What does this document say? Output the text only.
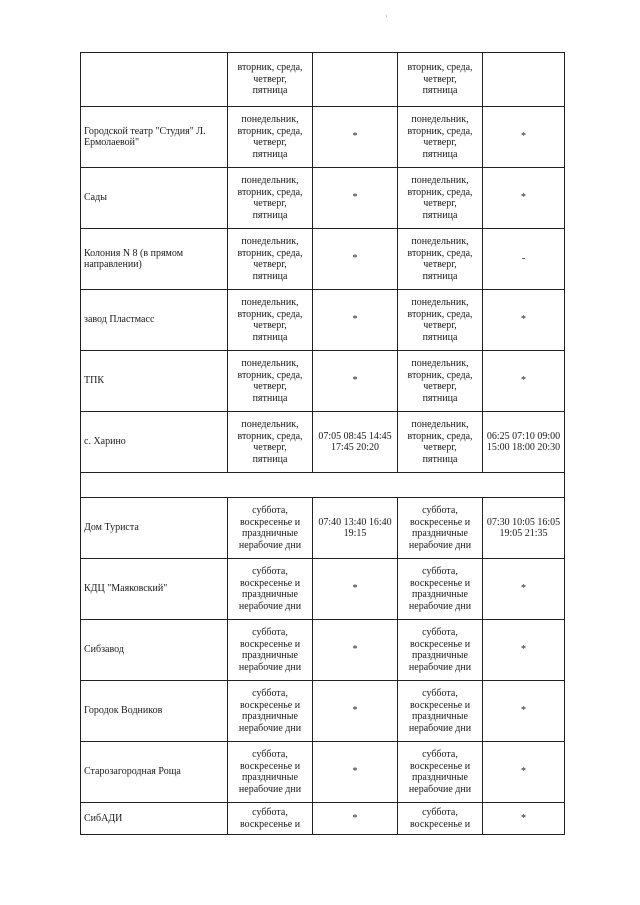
·
	вторник, среда,
четверг,
пятница		вторник, среда,
четверг,
пятница	
Городской театр "Студия" Л.
Ермолаевой"	понедельник,
вторник, среда,
четверг,
пятница	*	понедельник,
вторник, среда,
четверг,
пятница	*
Сады	понедельник,
вторник, среда,
четверг,
пятница	*	понедельник,
вторник, среда,
четверг,
пятница	*
Колония N 8 (в прямом
направлении)	понедельник,
вторник, среда,
четверг,
пятница	*	понедельник,
вторник, среда,
четверг,
пятница	-
завод Пластмасс	понедельник,
вторник, среда,
четверг,
пятница	*	понедельник,
вторник, среда,
четверг,
пятница	*
ТПК	понедельник,
вторник, среда,
четверг,
пятница	*	понедельник,
вторник, среда,
четверг,
пятница	*
с. Харино	понедельник,
вторник, среда,
четверг,
пятница	07:05 08:45 14:45
17:45 20:20	понедельник,
вторник, среда,
четверг,
пятница	06:25 07:10 09:00
15:00 18:00 20:30

Дом Туриста	суббота,
воскресенье и
праздничные
нерабочие дни	07:40 13:40 16:40
19:15	суббота,
воскресенье и
праздничные
нерабочие дни	07:30 10:05 16:05
19:05 21:35
КДЦ "Маяковский"	суббота,
воскресенье и
праздничные
нерабочие дни	*	суббота,
воскресенье и
праздничные
нерабочие дни	*
Сибзавод	суббота,
воскресенье и
праздничные
нерабочие дни	*	суббота,
воскресенье и
праздничные
нерабочие дни	*
Городок Водников	суббота,
воскресенье и
праздничные
нерабочие дни	*	суббота,
воскресенье и
праздничные
нерабочие дни	*
Старозагородная Роща	суббота,
воскресенье и
праздничные
нерабочие дни	*	суббота,
воскресенье и
праздничные
нерабочие дни	*
СибАДИ	суббота,
воскресенье и	*	суббота,
воскресенье и	*
